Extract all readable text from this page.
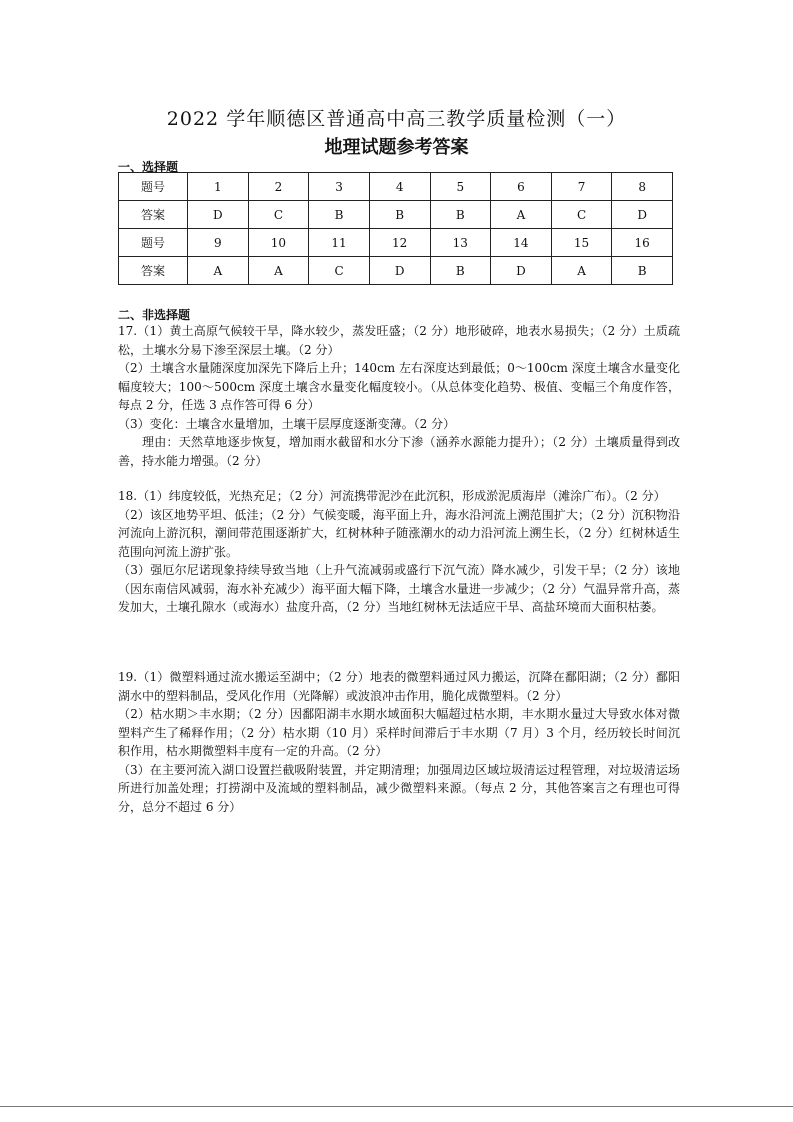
2022 学年顺德区普通高中高三教学质量检测（一）
地理试题参考答案
一、选择题
题号	1	2	3	4	5	6	7	8
答案	D	C	B	B	B	A	C	D
题号	9	10	11	12	13	14	15	16
答案	A	A	C	D	B	D	A	B
二、非选择题

17.（1）黄土高原气候较干旱，降水较少，蒸发旺盛；（2 分）地形破碎，地表水易损失；（2 分）土质疏松，土壤水分易下渗至深层土壤。（2 分）

（2）土壤含水量随深度加深先下降后上升；140cm 左右深度达到最低；0～100cm 深度土壤含水量变化幅度较大；100～500cm 深度土壤含水量变化幅度较小。（从总体变化趋势、极值、变幅三个角度作答，每点 2 分，任选 3 点作答可得 6 分）

（3）变化：土壤含水量增加，土壤干层厚度逐渐变薄。（2 分）

理由：天然草地逐步恢复，增加雨水截留和水分下渗（涵养水源能力提升）；（2 分）土壤质量得到改善，持水能力增强。（2 分）

18.（1）纬度较低，光热充足；（2 分）河流携带泥沙在此沉积，形成淤泥质海岸（滩涂广布）。（2 分）

（2）该区地势平坦、低洼；（2 分）气候变暖，海平面上升，海水沿河流上溯范围扩大；（2 分）沉积物沿河流向上游沉积，潮间带范围逐渐扩大，红树林种子随涨潮水的动力沿河流上溯生长，（2 分）红树林适生范围向河流上游扩张。

（3）强厄尔尼诺现象持续导致当地（上升气流减弱或盛行下沉气流）降水减少，引发干旱；（2 分）该地（因东南信风减弱，海水补充减少）海平面大幅下降，土壤含水量进一步减少；（2 分）气温异常升高，蒸发加大，土壤孔隙水（或海水）盐度升高，（2 分）当地红树林无法适应干旱、高盐环境而大面积枯萎。

19.（1）微塑料通过流水搬运至湖中；（2 分）地表的微塑料通过风力搬运，沉降在鄱阳湖；（2 分）鄱阳湖水中的塑料制品，受风化作用（光降解）或波浪冲击作用，脆化成微塑料。（2 分）

（2）枯水期＞丰水期；（2 分）因鄱阳湖丰水期水域面积大幅超过枯水期，丰水期水量过大导致水体对微塑料产生了稀释作用；（2 分）枯水期（10 月）采样时间滞后于丰水期（7 月）3 个月，经历较长时间沉积作用，枯水期微塑料丰度有一定的升高。（2 分）

（3）在主要河流入湖口设置拦截吸附装置，并定期清理；加强周边区域垃圾清运过程管理，对垃圾清运场所进行加盖处理；打捞湖中及流域的塑料制品，减少微塑料来源。（每点 2 分，其他答案言之有理也可得分，总分不超过 6 分）
